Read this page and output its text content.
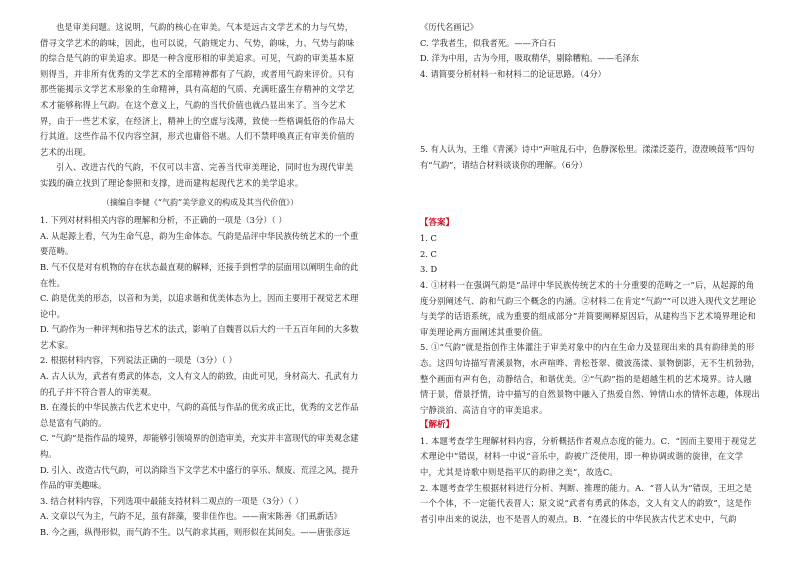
也是审美问题。这说明，气韵的核心在审美。气本是远古文学艺术的力与气势，借寻文学艺术的韵味，因此，也可以说，气韵规定力、气势，韵味，力、气势与韵味的综合是气韵的审美追求。即是一种含度形相的审美追求。可见，气韵的审美基本原则得当，并非所有优秀的文学艺术的全部精神都有了气韵，或者用气韵来评价。只有那些能揭示文学艺术形象的生命精神，具有高超的气质、充满旺盛生存精神的文学艺术才能够称得上气韵。在这个意义上，气韵的当代价值也就凸显出来了。当今艺术界，由于一些艺术家，在经济上，精神上的空虚与浅薄，致使一些格调低俗的作品大行其道。这些作品不仅内容空洞，形式也庸俗不堪。人们不禁呼唤真正有审美价值的艺术的出现。

引入、改进古代的气韵，不仅可以丰富、完善当代审美理论，同时也为现代审美实践的确立找到了理论参照和支撑，进而建构起现代艺术的美学追求。

（摘编自李健《“气韵”美学意义的构成及其当代价值》）
1. 下列对材料相关内容的理解和分析，不正确的一项是（3分）（ ）
A. 从起源上看，气为生命气息，韵为生命体态。气韵是品评中华民族传统艺术的一个重要范畴。
B. 气不仅是对有机物的存在状态最直观的解释，还接手到哲学的层面用以阐明生命的此在性。
C. 韵是优美的形态，以音和为美，以追求谐和优美体态为上，因而主要用于视觉艺术理论中。
D. 气韵作为一种评判和指导艺术的法式，影响了自魏晋以后大约一千五百年间的大多数艺术家。
2. 根据材料内容，下列说法正确的一项是（3分）（ ）
A. 古人认为，武者有勇武的体态，文人有文人的韵致，由此可见，身材高大、孔武有力的孔子并不符合晋人的审美观。
B. 在漫长的中华民族古代艺术史中，气韵的高低与作品的优劣成正比，优秀的文艺作品总是富有气韵的。
C. “气韵”是指作品的境界，却能够引领境界的创造审美，充实并丰富现代的审美观念建构。
D. 引入、改造古代气韵，可以消除当下文学艺术中盛行的享乐、颓废、荒淫之风，提升作品的审美趣味。
3. 结合材料内容，下列选项中最能支持材料二观点的一项是（3分）（ ）
A. 文章以气为主，气韵不足，虽有辞藻，要非佳作也。——南宋陈善《扪虱新话》
B. 今之画，纵得形似，而气韵不生。以气韵求其画，则形似在其间矣。——唐张彦远
《历代名画记》
C. 学我者生，似我者死。——齐白石
D. 洋为中用，古为今用，吸取精华，剔除糟粕。——毛泽东
4. 请简要分析材料一和材料二的论证思路。（4分）
5. 有人认为，王维《青溪》诗中“声喧乱石中，色静深松里。漾漾泛菱荇，澄澄映葭苇”四句有“气韵”，请结合材料谈谈你的理解。（6分）
【答案】
1. C
2. C
3. D

4. ①材料一在强调气韵是“品评中华民族传统艺术的十分重要的范畴之一”后，从起源的角度分别阐述气、韵和气韵三个概念的内涵。②材料二在肯定“气韵”“可以进入现代文艺理论与美学的话语系统，成为重要的组成部分”并简要阐释原因后，从建构当下艺术境界理论和审美理论两方面阐述其重要价值。

5. ①“气韵”就是指创作主体灌注于审美对象中的内在生命力及显现出来的具有韵律美的形态。这四句诗描写青溪景物，水声喧哗、青松苍翠、微波荡漾、景物倒影，无不生机勃勃，整个画面有声有色，动静结合，和谐优美。②“气韵”指的是超越生机的艺术境界。诗人融情于景，借景抒情，诗中描写的自然景物中融入了热爱自然、钟情山水的情怀志趣，体现出宁静淡泊、高洁自守的审美追求。

【解析】

1. 本题考查学生理解材料内容，分析概括作者观点态度的能力。C．“因而主要用于视觉艺术理论中”错误，材料一中说“音乐中，韵被广泛使用，即一种协调或谐的旋律，在文学中，尤其是诗歌中则是指平仄的韵律之美”，故选C。

2. 本题考查学生根据材料进行分析、判断、推理的能力。A．“晋人认为”错误，王坦之是一个个体，不一定能代表晋人；原文说“武者有勇武的体态，文人有文人的韵致”，这是作者引申出来的说法，也不是晋人的观点。B．“在漫长的中华民族古代艺术史中，气韵
